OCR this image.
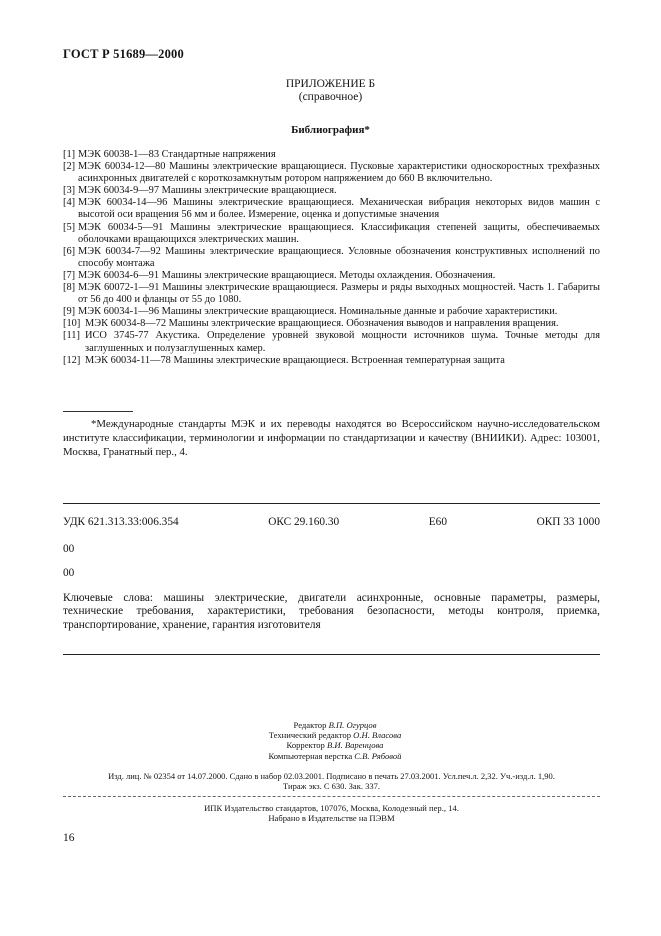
ГОСТ Р 51689—2000
ПРИЛОЖЕНИЕ Б
(справочное)
Библиография*
[1] МЭК 60038-1—83 Стандартные напряжения
[2] МЭК 60034-12—80 Машины электрические вращающиеся. Пусковые характеристики односкоростных трехфазных асинхронных двигателей с короткозамкнутым ротором напряжением до 660 В включительно.
[3] МЭК 60034-9—97 Машины электрические вращающиеся.
[4] МЭК 60034-14—96 Машины электрические вращающиеся. Механическая вибрация некоторых видов машин с высотой оси вращения 56 мм и более. Измерение, оценка и допустимые значения
[5] МЭК 60034-5—91 Машины электрические вращающиеся. Классификация степеней защиты, обеспечиваемых оболочками вращающихся электрических машин.
[6] МЭК 60034-7—92 Машины электрические вращающиеся. Условные обозначения конструктивных исполнений по способу монтажа
[7] МЭК 60034-6—91 Машины электрические вращающиеся. Методы охлаждения. Обозначения.
[8] МЭК 60072-1—91 Машины электрические вращающиеся. Размеры и ряды выходных мощностей. Часть 1. Габариты от 56 до 400 и фланцы от 55 до 1080.
[9] МЭК 60034-1—96 Машины электрические вращающиеся. Номинальные данные и рабочие характеристики.
[10] МЭК 60034-8—72 Машины электрические вращающиеся. Обозначения выводов и направления вращения.
[11] ИСО 3745-77 Акустика. Определение уровней звуковой мощности источников шума. Точные методы для заглушенных и полузаглушенных камер.
[12] МЭК 60034-11—78 Машины электрические вращающиеся. Встроенная температурная защита
*Международные стандарты МЭК и их переводы находятся во Всероссийском научно-исследовательском институте классификации, терминологии и информации по стандартизации и качеству (ВНИИКИ). Адрес: 103001, Москва, Гранатный пер., 4.
УДК 621.313.33:006.354	ОКС 29.160.30	Е60	ОКП 33 1000
00
00
Ключевые слова: машины электрические, двигатели асинхронные, основные параметры, размеры, технические требования, характеристики, требования безопасности, методы контроля, приемка, транспортирование, хранение, гарантия изготовителя
Редактор В.П. Огурцов
Технический редактор О.Н. Власова
Корректор В.И. Варенцова
Компьютерная верстка С.В. Рябовой
Изд. лиц. № 02354 от 14.07.2000. Сдано в набор 02.03.2001. Подписано в печать 27.03.2001. Усл.печ.л. 2,32. Уч.-изд.л. 1,90.
Тираж экз. С 630. Зак. 337.
ИПК Издательство стандартов, 107076, Москва, Колодезный пер., 14.
Набрано в Издательстве на ПЭВМ
16
